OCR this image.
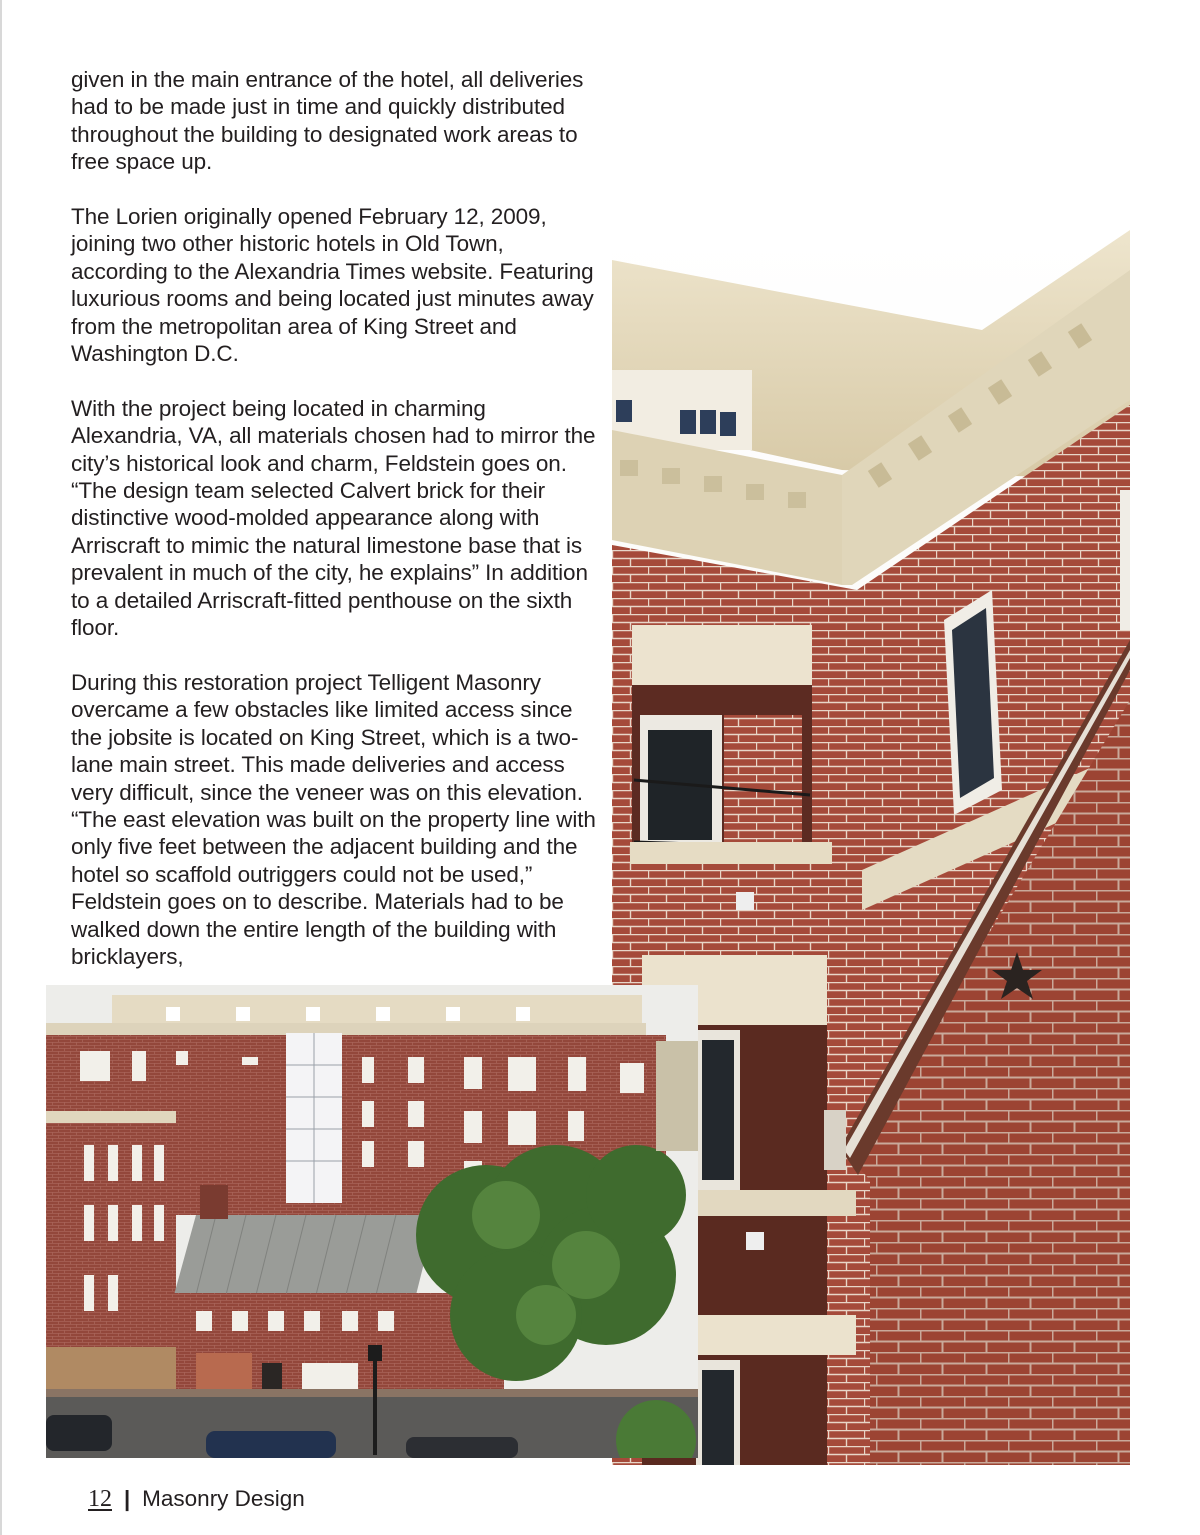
given in the main entrance of the hotel, all deliveries had to be made just in time and quickly distributed throughout the building to designated work areas to free space up.

The Lorien originally opened February 12, 2009, joining two other historic hotels in Old Town, according to the Alexandria Times website. Featuring luxurious rooms and being located just minutes away from the metropolitan area of King Street and Washington D.C.

With the project being located in charming Alexandria, VA, all materials chosen had to mirror the city’s historical look and charm, Feldstein goes on. “The design team selected Calvert brick for their distinctive wood-molded appearance along with Arriscraft to mimic the natural limestone base that is prevalent in much of the city, he explains” In addition to a detailed Arriscraft-fitted penthouse on the sixth floor.

During this restoration project Telligent Masonry overcame a few obstacles like limited access since the jobsite is located on King Street, which is a two-lane main street. This made deliveries and access very difficult, since the veneer was on this elevation. “The east elevation was built on the property line with only five feet between the adjacent building and the hotel so scaffold outriggers could not be used,” Feldstein goes on to describe. Materials had to be walked down the entire length of the building with bricklayers,

12 | Masonry Design
